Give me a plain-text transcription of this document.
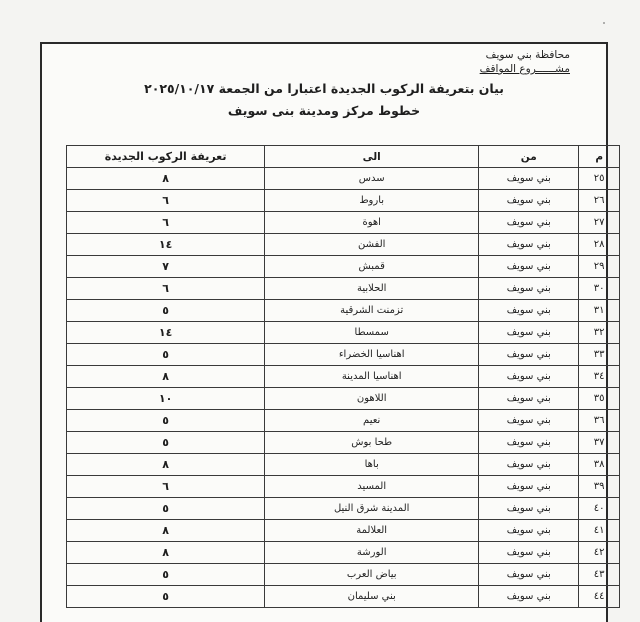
محافظة بني سويف
مشــــــروع المواقف
بيان بتعريفة الركوب الجديدة اعتبارا من الجمعة ٢٠٢٥/١٠/١٧
خطوط مركز ومدينة بنى سويف
م	من	الى	تعريفة الركوب الجديدة
٢٥	بني سويف	سدس	٨
٢٦	بني سويف	باروط	٦
٢٧	بني سويف	اهوة	٦
٢٨	بني سويف	الفشن	١٤
٢٩	بني سويف	قمبش	٧
٣٠	بني سويف	الحلابية	٦
٣١	بني سويف	تزمنت الشرقية	٥
٣٢	بني سويف	سمسطا	١٤
٣٣	بني سويف	اهناسيا الخضراء	٥
٣٤	بني سويف	اهناسيا المدينة	٨
٣٥	بني سويف	اللاهون	١٠
٣٦	بني سويف	نعيم	٥
٣٧	بني سويف	طحا بوش	٥
٣٨	بني سويف	باها	٨
٣٩	بني سويف	المسيد	٦
٤٠	بني سويف	المدينة شرق النيل	٥
٤١	بني سويف	العلالمة	٨
٤٢	بني سويف	الورشة	٨
٤٣	بني سويف	بياض العرب	٥
٤٤	بني سويف	بني سليمان	٥
